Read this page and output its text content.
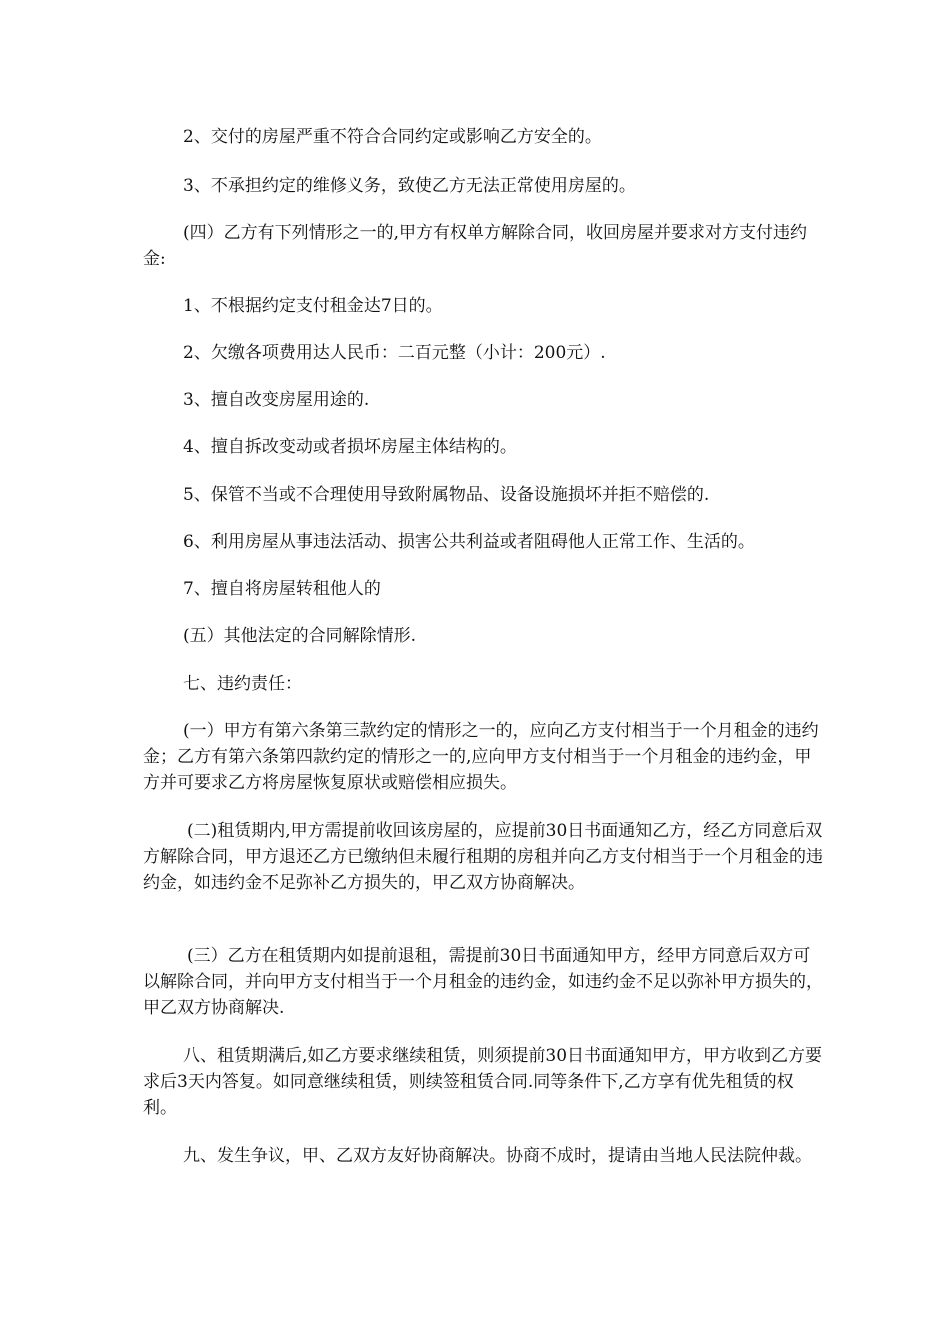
2、交付的房屋严重不符合合同约定或影响乙方安全的。

3、不承担约定的维修义务，致使乙方无法正常使用房屋的。

(四）乙方有下列情形之一的,甲方有权单方解除合同，收回房屋并要求对方支付违约金:

1、不根据约定支付租金达7日的。

2、欠缴各项费用达人民币：二百元整（小计：200元）.

3、擅自改变房屋用途的.

4、擅自拆改变动或者损坏房屋主体结构的。

5、保管不当或不合理使用导致附属物品、设备设施损坏并拒不赔偿的.

6、利用房屋从事违法活动、损害公共利益或者阻碍他人正常工作、生活的。

7、擅自将房屋转租他人的

(五）其他法定的合同解除情形.

七、违约责任：

(一）甲方有第六条第三款约定的情形之一的，应向乙方支付相当于一个月租金的违约金；乙方有第六条第四款约定的情形之一的,应向甲方支付相当于一个月租金的违约金，甲方并可要求乙方将房屋恢复原状或赔偿相应损失。

(二)租赁期内,甲方需提前收回该房屋的，应提前30日书面通知乙方，经乙方同意后双方解除合同，甲方退还乙方已缴纳但未履行租期的房租并向乙方支付相当于一个月租金的违约金，如违约金不足弥补乙方损失的，甲乙双方协商解决。

(三）乙方在租赁期内如提前退租，需提前30日书面通知甲方，经甲方同意后双方可以解除合同，并向甲方支付相当于一个月租金的违约金，如违约金不足以弥补甲方损失的，甲乙双方协商解决.

八、租赁期满后,如乙方要求继续租赁，则须提前30日书面通知甲方，甲方收到乙方要求后3天内答复。如同意继续租赁，则续签租赁合同.同等条件下,乙方享有优先租赁的权利。

九、发生争议，甲、乙双方友好协商解决。协商不成时，提请由当地人民法院仲裁。
